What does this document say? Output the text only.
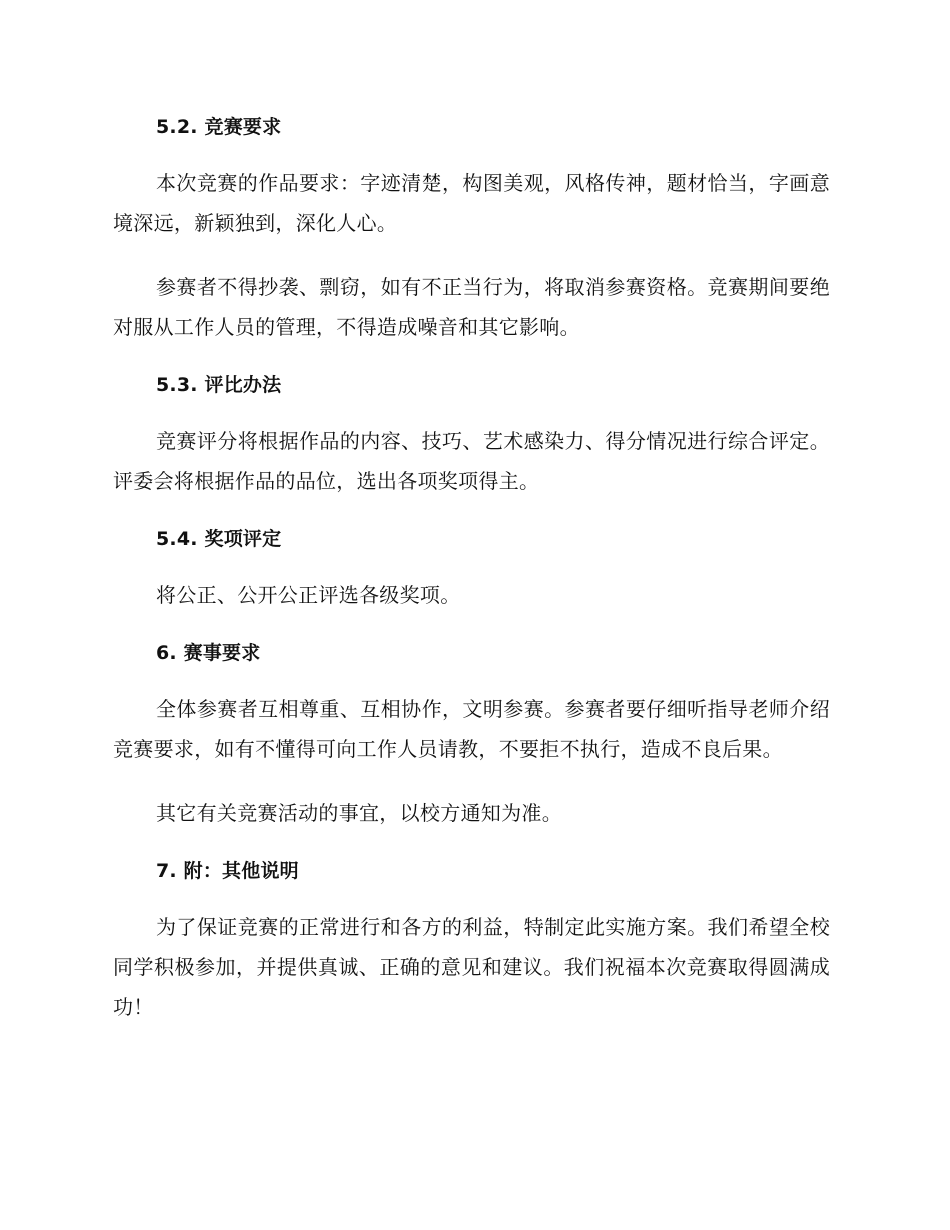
5.2. 竞赛要求

本次竞赛的作品要求：字迹清楚，构图美观，风格传神，题材恰当，字画意境深远，新颖独到，深化人心。

参赛者不得抄袭、剽窃，如有不正当行为，将取消参赛资格。竞赛期间要绝对服从工作人员的管理，不得造成噪音和其它影响。

5.3. 评比办法

竞赛评分将根据作品的内容、技巧、艺术感染力、得分情况进行综合评定。评委会将根据作品的品位，选出各项奖项得主。

5.4. 奖项评定

将公正、公开公正评选各级奖项。

6. 赛事要求

全体参赛者互相尊重、互相协作，文明参赛。参赛者要仔细听指导老师介绍竞赛要求，如有不懂得可向工作人员请教，不要拒不执行，造成不良后果。

其它有关竞赛活动的事宜，以校方通知为准。

7. 附：其他说明

为了保证竞赛的正常进行和各方的利益，特制定此实施方案。我们希望全校同学积极参加，并提供真诚、正确的意见和建议。我们祝福本次竞赛取得圆满成功！
